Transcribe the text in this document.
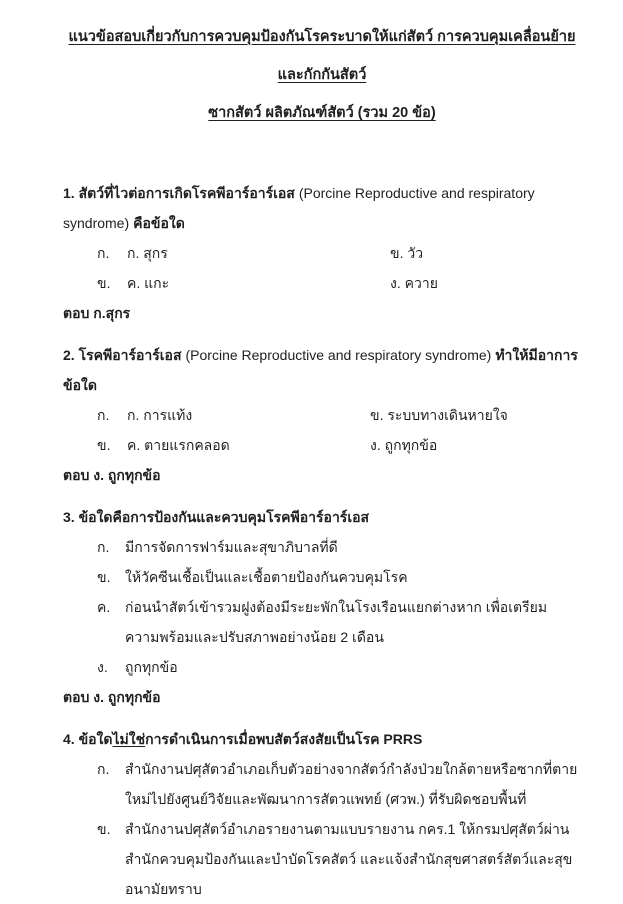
แนวข้อสอบเกี่ยวกับการควบคุมป้องกันโรคระบาดให้แก่สัตว์ การควบคุมเคลื่อนย้ายและกักกันสัตว์
ซากสัตว์ ผลิตภัณฑ์สัตว์ (รวม 20 ข้อ)
1. สัตว์ที่ไวต่อการเกิดโรคพีอาร์อาร์เอส (Porcine Reproductive and respiratory syndrome) คือข้อใด
ก.	ก. สุกร	ข. วัว
ข.	ค. แกะ	ง. ควาย
ตอบ ก.สุกร
2. โรคพีอาร์อาร์เอส (Porcine Reproductive and respiratory syndrome) ทำให้มีอาการข้อใด
ก.	ก. การแท้ง	ข. ระบบทางเดินหายใจ
ข.	ค. ตายแรกคลอด	ง. ถูกทุกข้อ
ตอบ ง. ถูกทุกข้อ
3. ข้อใดคือการป้องกันและควบคุมโรคพีอาร์อาร์เอส
ก.	มีการจัดการฟาร์มและสุขาภิบาลที่ดี
ข.	ให้วัคซีนเชื้อเป็นและเชื้อตายป้องกันควบคุมโรค
ค.	ก่อนนำสัตว์เข้ารวมฝูงต้องมีระยะพักในโรงเรือนแยกต่างหาก เพื่อเตรียมความพร้อมและปรับสภาพอย่างน้อย 2 เดือน
ง.	ถูกทุกข้อ
ตอบ ง. ถูกทุกข้อ
4. ข้อใดไม่ใช่การดำเนินการเมื่อพบสัตว์สงสัยเป็นโรค PRRS
ก.	สำนักงานปศุสัตวอำเภอเก็บตัวอย่างจากสัตว์กำลังป่วยใกล้ตายหรือซากที่ตายใหม่ไปยังศูนย์วิจัยและพัฒนาการสัตวแพทย์ (ศวพ.) ที่รับผิดชอบพื้นที่
ข.	สำนักงานปศุสัตว์อำเภอรายงานตามแบบรายงาน กคร.1 ให้กรมปศุสัตว์ผ่านสำนักควบคุมป้องกันและบำบัดโรคสัตว์ และแจ้งสำนักสุขศาสตร์สัตว์และสุขอนามัยทราบ
